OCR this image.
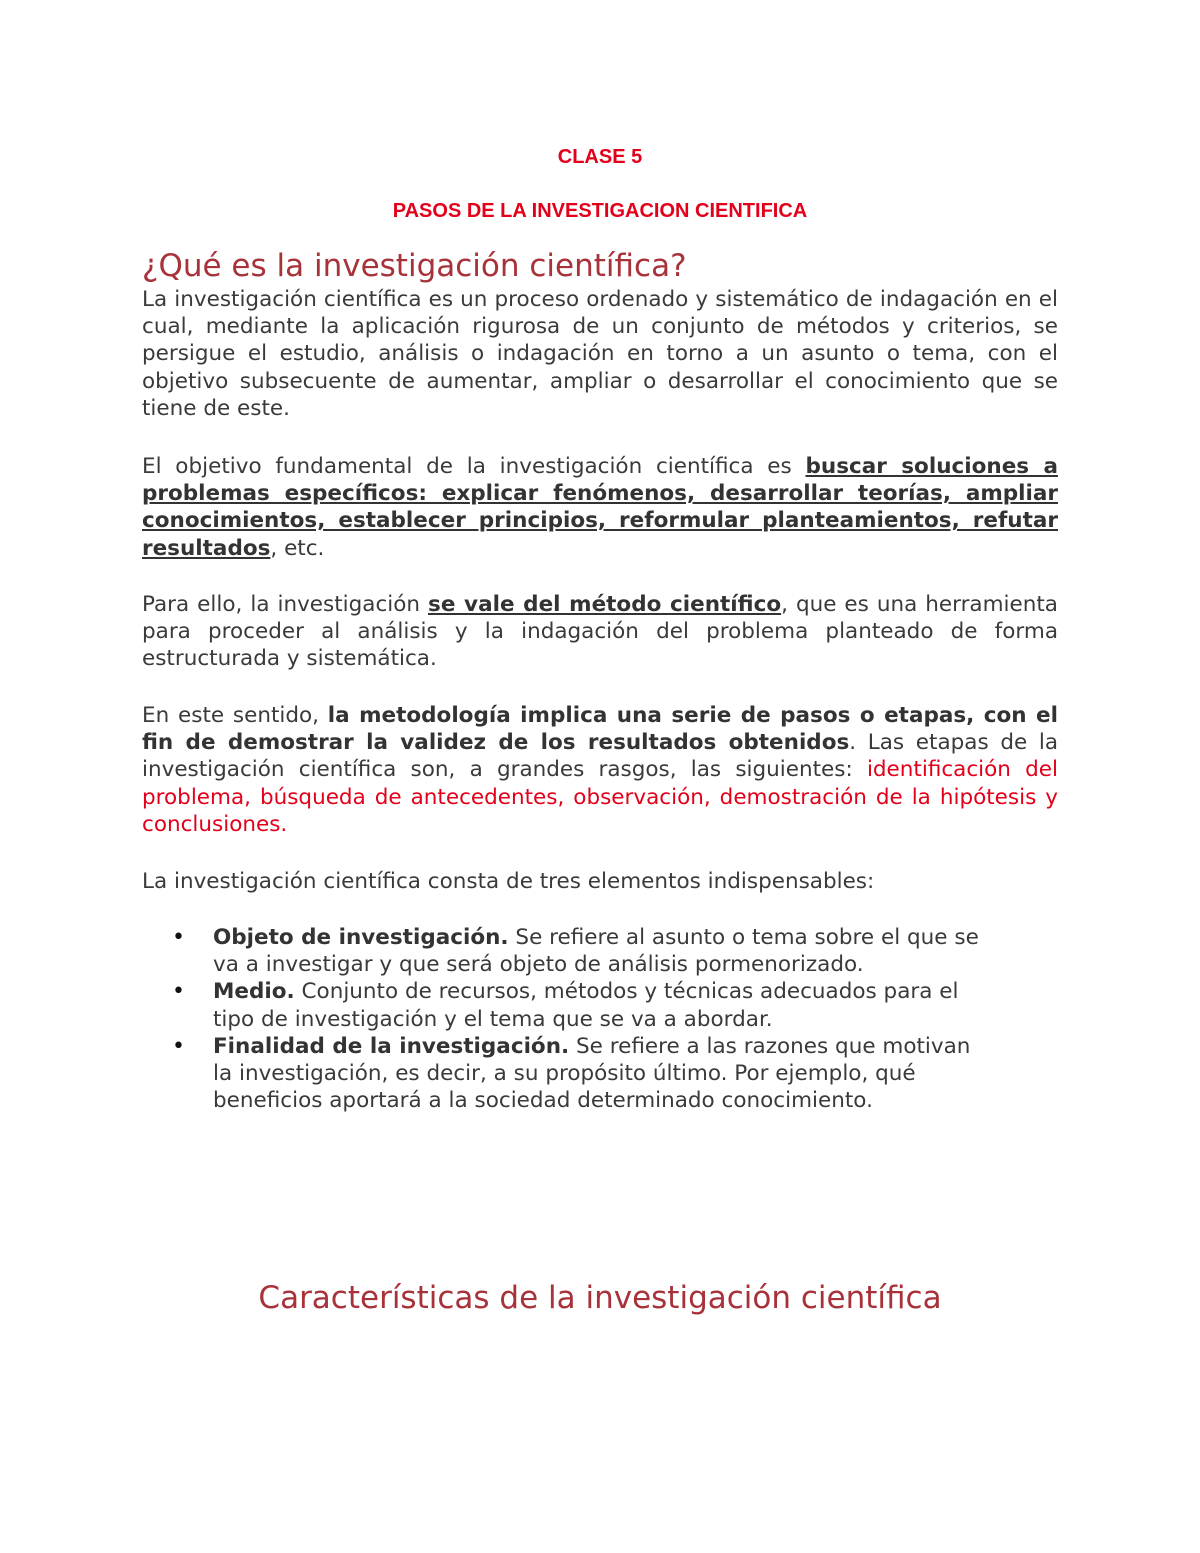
CLASE 5
PASOS DE LA INVESTIGACION CIENTIFICA
¿Qué es la investigación científica?

La investigación científica es un proceso ordenado y sistemático de indagación en el cual, mediante la aplicación rigurosa de un conjunto de métodos y criterios, se persigue el estudio, análisis o indagación en torno a un asunto o tema, con el objetivo subsecuente de aumentar, ampliar o desarrollar el conocimiento que se tiene de este.

El objetivo fundamental de la investigación científica es buscar soluciones a problemas específicos: explicar fenómenos, desarrollar teorías, ampliar conocimientos, establecer principios, reformular planteamientos, refutar resultados, etc.

Para ello, la investigación se vale del método científico, que es una herramienta para proceder al análisis y la indagación del problema planteado de forma estructurada y sistemática.

En este sentido, la metodología implica una serie de pasos o etapas, con el fin de demostrar la validez de los resultados obtenidos. Las etapas de la investigación científica son, a grandes rasgos, las siguientes: identificación del problema, búsqueda de antecedentes, observación, demostración de la hipótesis y conclusiones.

La investigación científica consta de tres elementos indispensables:

• Objeto de investigación. Se refiere al asunto o tema sobre el que se va a investigar y que será objeto de análisis pormenorizado.
• Medio. Conjunto de recursos, métodos y técnicas adecuados para el tipo de investigación y el tema que se va a abordar.
• Finalidad de la investigación. Se refiere a las razones que motivan la investigación, es decir, a su propósito último. Por ejemplo, qué beneficios aportará a la sociedad determinado conocimiento.
Características de la investigación científica
